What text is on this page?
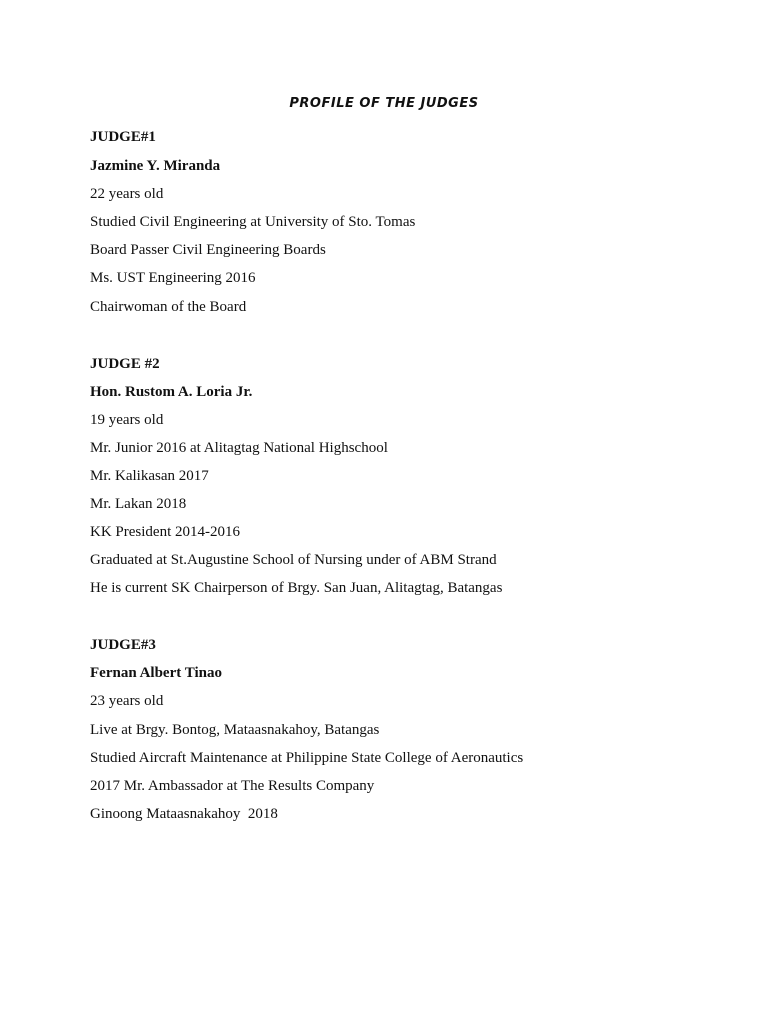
PROFILE OF THE JUDGES
JUDGE#1
Jazmine Y. Miranda
22 years old
Studied Civil Engineering at University of Sto. Tomas
Board Passer Civil Engineering Boards
Ms. UST Engineering 2016
Chairwoman of the Board
JUDGE #2
Hon. Rustom A. Loria Jr.
19 years old
Mr. Junior 2016 at Alitagtag National Highschool
Mr. Kalikasan 2017
Mr. Lakan 2018
KK President 2014-2016
Graduated at St.Augustine School of Nursing under of ABM Strand
He is current SK Chairperson of Brgy. San Juan, Alitagtag, Batangas
JUDGE#3
Fernan Albert Tinao
23 years old
Live at Brgy. Bontog, Mataasnakahoy, Batangas
Studied Aircraft Maintenance at Philippine State College of Aeronautics
2017 Mr. Ambassador at The Results Company
Ginoong Mataasnakahoy  2018
